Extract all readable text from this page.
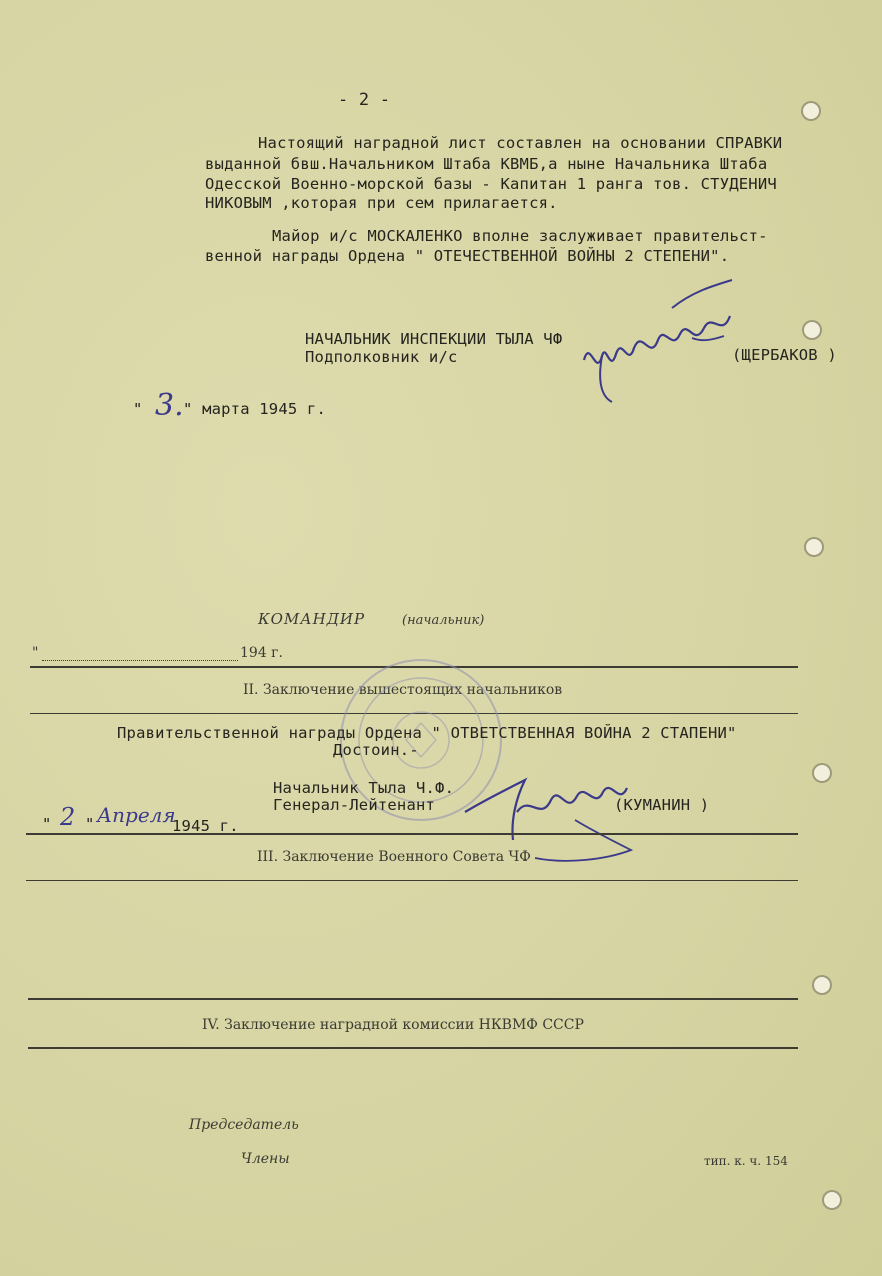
- 2 -
Настоящий наградной лист составлен на основании СПРАВКИ
выданной бвш.Начальником Штаба КВМБ,а ныне Начальника Штаба
Одесской Военно-морской базы - Капитан 1 ранга тов. СТУДЕНИЧ
НИКОВЫМ ,которая при сем прилагается.
Майор и/с МОСКАЛЕНКО вполне заслуживает правительст-
венной награды Ордена " ОТЕЧЕСТВЕННОЙ ВОЙНЫ 2 СТЕПЕНИ".
НАЧАЛЬНИК ИНСПЕКЦИИ ТЫЛА ЧФ
Подполковник и/с	(ЩЕРБАКОВ )
" 3. " марта 1945 г.
КОМАНДИР	(начальник)
"	194 г.
II. Заключение вышестоящих начальников
Правительственной награды Ордена " ОТВЕТСТВЕННАЯ ВОЙНА 2 СТАПЕНИ"
Достоин.-
Начальник Тыла Ч.Ф.
Генерал-Лейтенант	(КУМАНИН )
" 2 " Апреля
1945 г.
III. Заключение Военного Совета ЧФ
IV. Заключение наградной комиссии НКВМФ СССР
Председатель
Члены	тип. к. ч. 154
